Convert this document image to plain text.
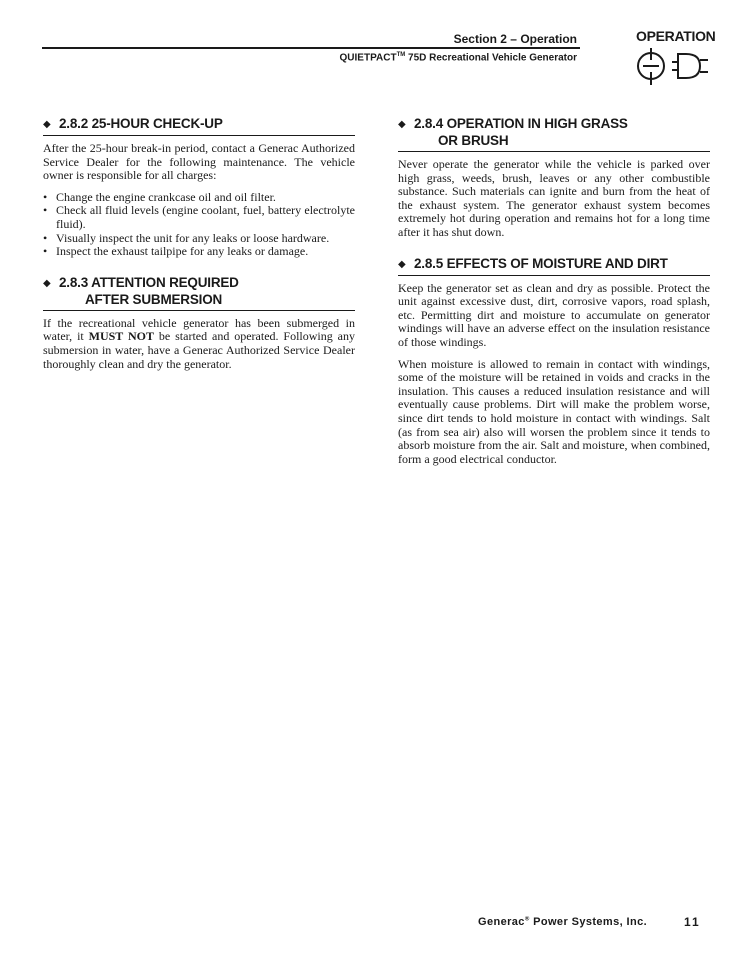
Section 2 – Operation
QUIETPACT™ 75D Recreational Vehicle Generator
OPERATION
◆ 2.8.2 25-HOUR CHECK-UP

After the 25-hour break-in period, contact a Generac Authorized Service Dealer for the following maintenance. The vehicle owner is responsible for all charges:

• Change the engine crankcase oil and oil filter.
• Check all fluid levels (engine coolant, fuel, battery electrolyte fluid).
• Visually inspect the unit for any leaks or loose hardware.
• Inspect the exhaust tailpipe for any leaks or damage.
◆ 2.8.3 ATTENTION REQUIRED
AFTER SUBMERSION

If the recreational vehicle generator has been submerged in water, it MUST NOT be started and operated. Following any submersion in water, have a Generac Authorized Service Dealer thoroughly clean and dry the generator.

◆ 2.8.4 OPERATION IN HIGH GRASS
OR BRUSH

Never operate the generator while the vehicle is parked over high grass, weeds, brush, leaves or any other combustible substance. Such materials can ignite and burn from the heat of the exhaust system. The generator exhaust system becomes extremely hot during operation and remains hot for a long time after it has shut down.

◆ 2.8.5 EFFECTS OF MOISTURE AND DIRT

Keep the generator set as clean and dry as possible. Protect the unit against excessive dust, dirt, corrosive vapors, road splash, etc. Permitting dirt and moisture to accumulate on generator windings will have an adverse effect on the insulation resistance of those windings.

When moisture is allowed to remain in contact with windings, some of the moisture will be retained in voids and cracks in the insulation. This causes a reduced insulation resistance and will eventually cause problems. Dirt will make the problem worse, since dirt tends to hold moisture in contact with windings. Salt (as from sea air) also will worsen the problem since it tends to absorb moisture from the air. Salt and moisture, when combined, form a good electrical conductor.

Generac® Power Systems, Inc.	11
